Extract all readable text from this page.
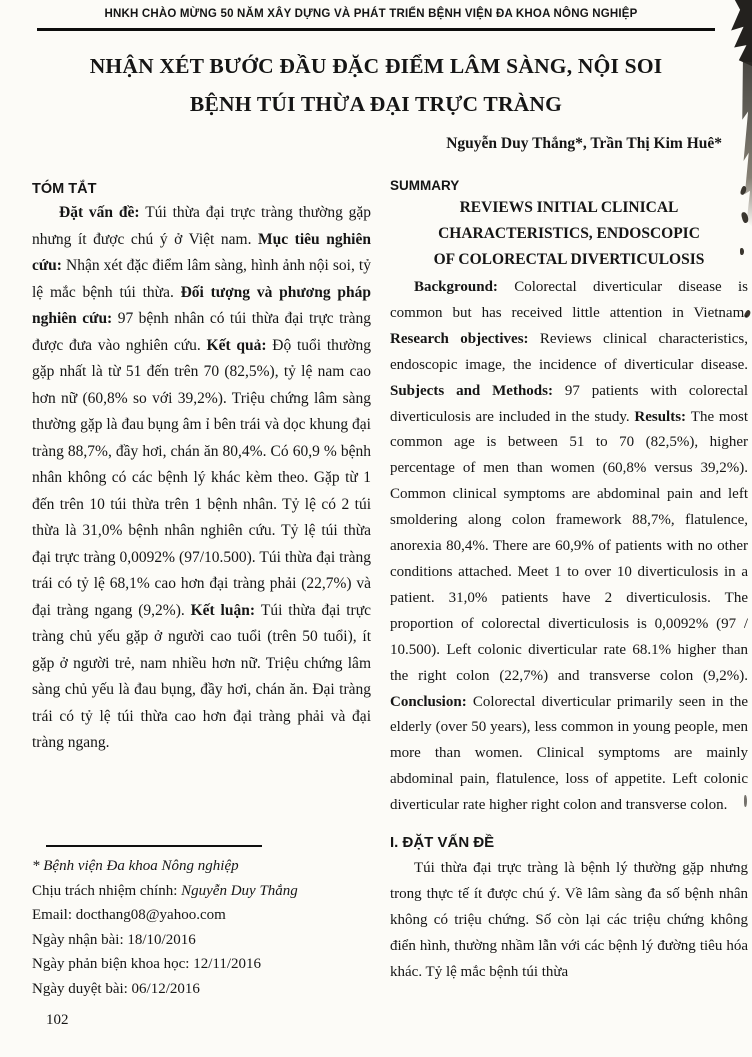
HNKH CHÀO MỪNG 50 NĂM XÂY DỰNG VÀ PHÁT TRIỂN BỆNH VIỆN ĐA KHOA NÔNG NGHIỆP
NHẬN XÉT BƯỚC ĐẦU ĐẶC ĐIỂM LÂM SÀNG, NỘI SOI
BỆNH TÚI THỪA ĐẠI TRỰC TRÀNG
Nguyễn Duy Thắng*, Trần Thị Kim Huê*
TÓM TẮT

Đặt vấn đề: Túi thừa đại trực tràng thường gặp nhưng ít được chú ý ở Việt nam. Mục tiêu nghiên cứu: Nhận xét đặc điểm lâm sàng, hình ảnh nội soi, tỷ lệ mắc bệnh túi thừa. Đối tượng và phương pháp nghiên cứu: 97 bệnh nhân có túi thừa đại trực tràng được đưa vào nghiên cứu. Kết quả: Độ tuổi thường gặp nhất là từ 51 đến trên 70 (82,5%), tỷ lệ nam cao hơn nữ (60,8% so với 39,2%). Triệu chứng lâm sàng thường gặp là đau bụng âm ỉ bên trái và dọc khung đại tràng 88,7%, đầy hơi, chán ăn 80,4%. Có 60,9 % bệnh nhân không có các bệnh lý khác kèm theo. Gặp từ 1 đến trên 10 túi thừa trên 1 bệnh nhân. Tỷ lệ có 2 túi thừa là 31,0% bệnh nhân nghiên cứu. Tỷ lệ túi thừa đại trực tràng 0,0092% (97/10.500). Túi thừa đại tràng trái có tỷ lệ 68,1% cao hơn đại tràng phải (22,7%) và đại tràng ngang (9,2%). Kết luận: Túi thừa đại trực tràng chủ yếu gặp ở người cao tuổi (trên 50 tuổi), ít gặp ở người trẻ, nam nhiều hơn nữ. Triệu chứng lâm sàng chủ yếu là đau bụng, đầy hơi, chán ăn. Đại tràng trái có tỷ lệ túi thừa cao hơn đại tràng phải và đại tràng ngang.

* Bệnh viện Đa khoa Nông nghiệp
Chịu trách nhiệm chính: Nguyễn Duy Thắng
Email: docthang08@yahoo.com
Ngày nhận bài: 18/10/2016
Ngày phản biện khoa học: 12/11/2016
Ngày duyệt bài: 06/12/2016
102
SUMMARY
REVIEWS INITIAL CLINICAL
CHARACTERISTICS, ENDOSCOPIC
OF COLORECTAL DIVERTICULOSIS

Background: Colorectal diverticular disease is common but has received little attention in Vietnam. Research objectives: Reviews clinical characteristics, endoscopic image, the incidence of diverticular disease. Subjects and Methods: 97 patients with colorectal diverticulosis are included in the study. Results: The most common age is between 51 to 70 (82,5%), higher percentage of men than women (60,8% versus 39,2%). Common clinical symptoms are abdominal pain and left smoldering along colon framework 88,7%, flatulence, anorexia 80,4%. There are 60,9% of patients with no other conditions attached. Meet 1 to over 10 diverticulosis in a patient. 31,0% patients have 2 diverticulosis. The proportion of colorectal diverticulosis is 0,0092% (97 / 10.500). Left colonic diverticular rate 68.1% higher than the right colon (22,7%) and transverse colon (9,2%). Conclusion: Colorectal diverticular primarily seen in the elderly (over 50 years), less common in young people, men more than women. Clinical symptoms are mainly abdominal pain, flatulence, loss of appetite. Left colonic diverticular rate higher right colon and transverse colon.

I. ĐẶT VẤN ĐỀ

Túi thừa đại trực tràng là bệnh lý thường gặp nhưng trong thực tế ít được chú ý. Về lâm sàng đa số bệnh nhân không có triệu chứng. Số còn lại các triệu chứng không điển hình, thường nhầm lẫn với các bệnh lý đường tiêu hóa khác. Tỷ lệ mắc bệnh túi thừa
